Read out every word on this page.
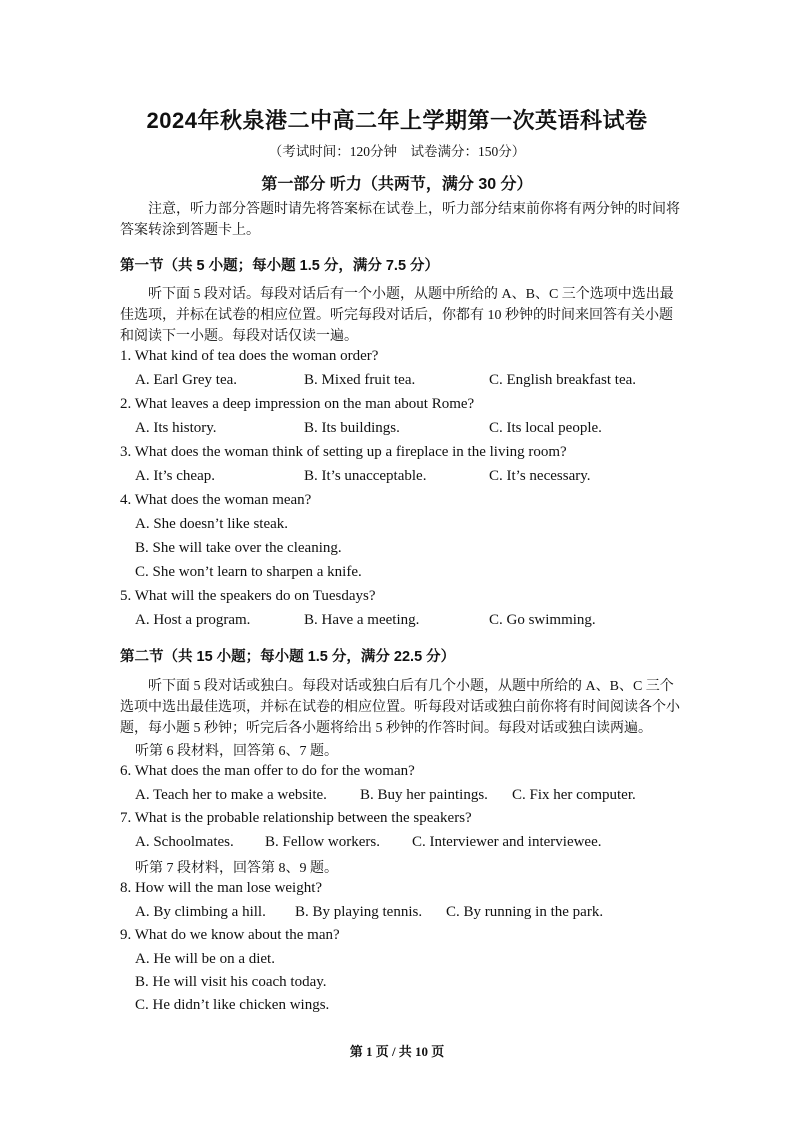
2024年秋泉港二中高二年上学期第一次英语科试卷
（考试时间：120分钟　试卷满分：150分）
第一部分 听力（共两节，满分 30 分）
注意，听力部分答题时请先将答案标在试卷上，听力部分结束前你将有两分钟的时间将答案转涂到答题卡上。
第一节（共 5 小题；每小题 1.5 分，满分 7.5 分）
听下面 5 段对话。每段对话后有一个小题，从题中所给的 A、B、C 三个选项中选出最佳选项，并标在试卷的相应位置。听完每段对话后，你都有 10 秒钟的时间来回答有关小题和阅读下一小题。每段对话仅读一遍。
1. What kind of tea does the woman order?
A. Earl Grey tea.	B. Mixed fruit tea.	C. English breakfast tea.
2. What leaves a deep impression on the man about Rome?
A. Its history.	B. Its buildings.	C. Its local people.
3. What does the woman think of setting up a fireplace in the living room?
A. It’s cheap.	B. It’s unacceptable.	C. It’s necessary.
4. What does the woman mean?
A. She doesn’t like steak.
B. She will take over the cleaning.
C. She won’t learn to sharpen a knife.
5. What will the speakers do on Tuesdays?
A. Host a program.	B. Have a meeting.	C. Go swimming.
第二节（共 15 小题；每小题 1.5 分，满分 22.5 分）
听下面 5 段对话或独白。每段对话或独白后有几个小题，从题中所给的 A、B、C 三个选项中选出最佳选项，并标在试卷的相应位置。听每段对话或独白前你将有时间阅读各个小题，每小题 5 秒钟；听完后各小题将给出 5 秒钟的作答时间。每段对话或独白读两遍。
听第 6 段材料，回答第 6、7 题。
6. What does the man offer to do for the woman?
A. Teach her to make a website. B. Buy her paintings. C. Fix her computer.
7. What is the probable relationship between the speakers?
A. Schoolmates. B. Fellow workers. C. Interviewer and interviewee.
听第 7 段材料，回答第 8、9 题。
8. How will the man lose weight?
A. By climbing a hill. B. By playing tennis. C. By running in the park.
9. What do we know about the man?
A. He will be on a diet.
B. He will visit his coach today.
C. He didn’t like chicken wings.
第 1 页 / 共 10 页
